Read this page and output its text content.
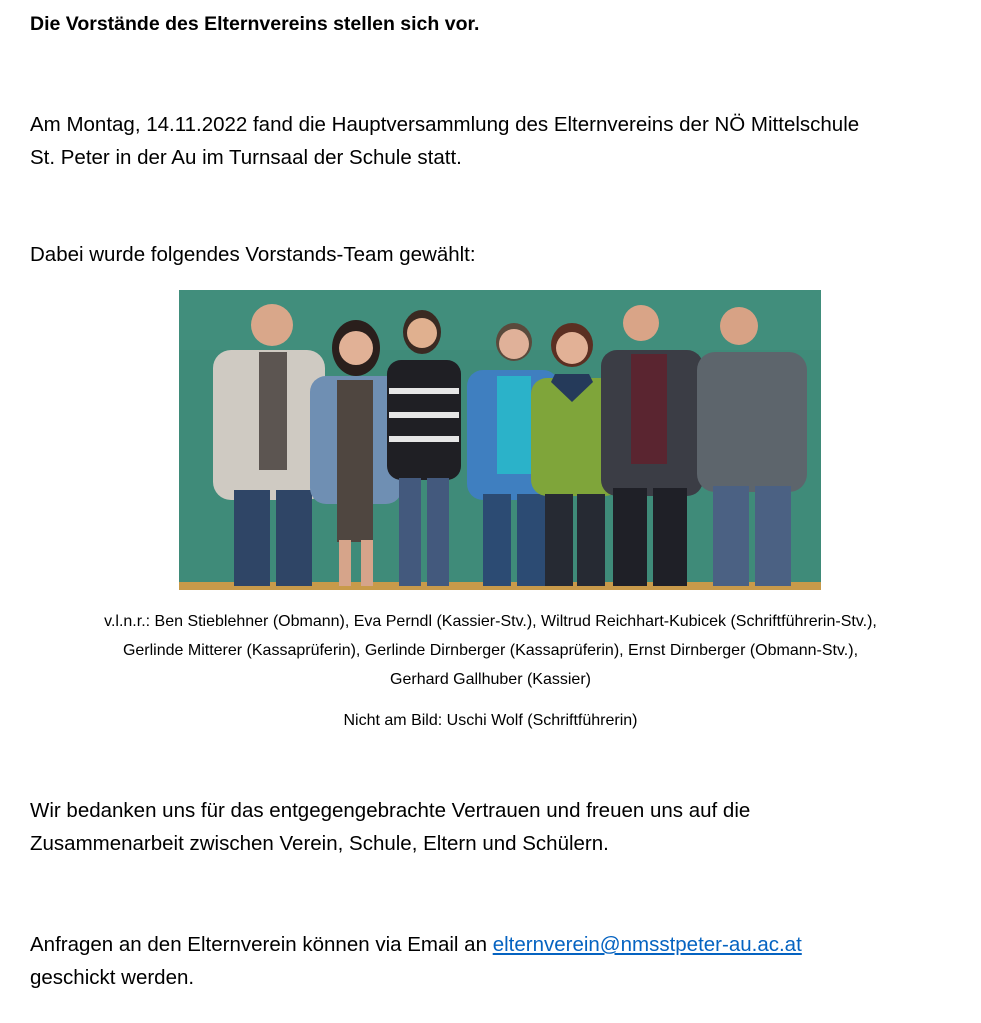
Die Vorstände des Elternvereins stellen sich vor.
Am Montag, 14.11.2022 fand die Hauptversammlung des Elternvereins der NÖ Mittelschule
St. Peter in der Au im Turnsaal der Schule statt.
Dabei wurde folgendes Vorstands-Team gewählt:
v.l.n.r.: Ben Stieblehner (Obmann), Eva Perndl (Kassier-Stv.), Wiltrud Reichhart-Kubicek (Schriftführerin-Stv.),
Gerlinde Mitterer (Kassaprüferin), Gerlinde Dirnberger (Kassaprüferin), Ernst Dirnberger (Obmann-Stv.),
Gerhard Gallhuber (Kassier)
Nicht am Bild: Uschi Wolf (Schriftführerin)
Wir bedanken uns für das entgegengebrachte Vertrauen und freuen uns auf die
Zusammenarbeit zwischen Verein, Schule, Eltern und Schülern.
Anfragen an den Elternverein können via Email an elternverein@nmsstpeter-au.ac.at
geschickt werden.
